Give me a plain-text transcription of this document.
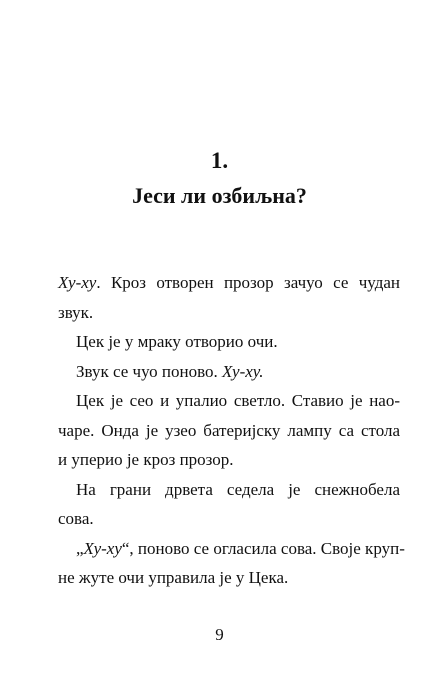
1.
Јеси ли озбиљна?
Ху-ху. Кроз отворен прозор зачуо се чудан
звук.
Цек је у мраку отворио очи.
Звук се чуо поново. Ху-ху.
Цек је сео и упалио светло. Ставио је нао-
чаре. Онда је узео батеријску лампу са стола
и уперио је кроз прозор.
На грани дрвета седела је снежнобела
сова.
„Ху-ху“, поново се огласила сова. Своје круп-
не жуте очи управила је у Цека.
9
